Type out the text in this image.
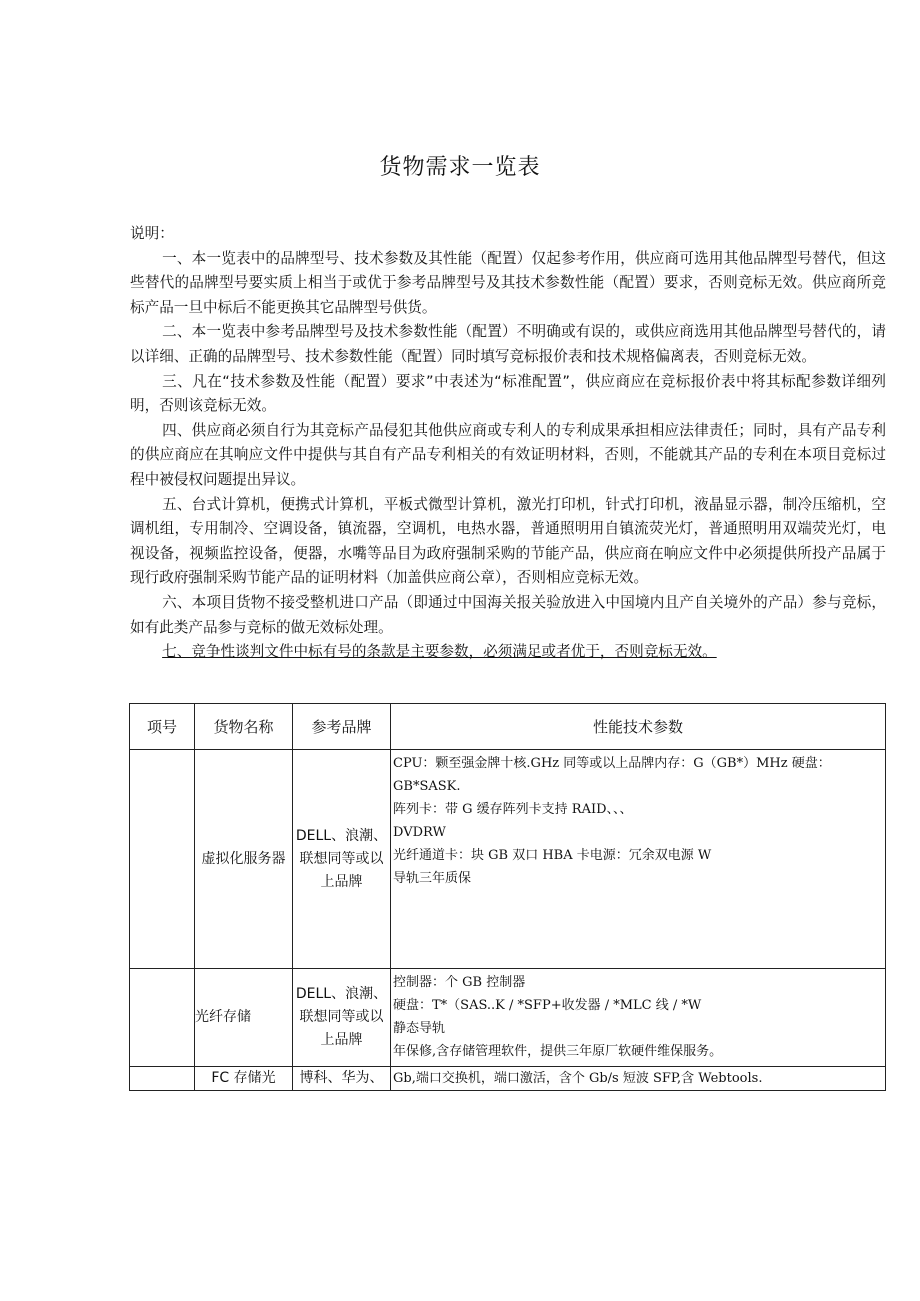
货物需求一览表

说明：

一、本一览表中的品牌型号、技术参数及其性能（配置）仅起参考作用，供应商可选用其他品牌型号替代，但这些替代的品牌型号要实质上相当于或优于参考品牌型号及其技术参数性能（配置）要求，否则竞标无效。供应商所竞标产品一旦中标后不能更换其它品牌型号供货。

二、本一览表中参考品牌型号及技术参数性能（配置）不明确或有误的，或供应商选用其他品牌型号替代的，请以详细、正确的品牌型号、技术参数性能（配置）同时填写竞标报价表和技术规格偏离表，否则竞标无效。

三、凡在“技术参数及性能（配置）要求”中表述为“标准配置”，供应商应在竞标报价表中将其标配参数详细列明，否则该竞标无效。

四、供应商必须自行为其竞标产品侵犯其他供应商或专利人的专利成果承担相应法律责任；同时，具有产品专利的供应商应在其响应文件中提供与其自有产品专利相关的有效证明材料，否则，不能就其产品的专利在本项目竞标过程中被侵权问题提出异议。

五、台式计算机，便携式计算机，平板式微型计算机，激光打印机，针式打印机，液晶显示器，制冷压缩机，空调机组，专用制冷、空调设备，镇流器，空调机，电热水器，普通照明用自镇流荧光灯，普通照明用双端荧光灯，电视设备，视频监控设备，便器，水嘴等品目为政府强制采购的节能产品，供应商在响应文件中必须提供所投产品属于现行政府强制采购节能产品的证明材料（加盖供应商公章），否则相应竞标无效。

六、本项目货物不接受整机进口产品（即通过中国海关报关验放进入中国境内且产自关境外的产品）参与竞标，如有此类产品参与竞标的做无效标处理。

七、竞争性谈判文件中标有号的条款是主要参数，必须满足或者优于，否则竞标无效。

项号	货物名称	参考品牌	性能技术参数
	虚拟化服务器	DELL、浪潮、联想同等或以上品牌	CPU：颗至强金牌十核.GHz 同等或以上品牌内存：G（GB*）MHz 硬盘：GB*SASK.
阵列卡：带 G 缓存阵列卡支持 RAID、、、
DVDRW
光纤通道卡：块 GB 双口 HBA 卡电源：冗余双电源 W
导轨三年质保

	光纤存储	DELL、浪潮、联想同等或以上品牌	控制器：个 GB 控制器
硬盘：T*（SAS..K / *SFP+收发器 / *MLC 线 / *W
静态导轨
年保修,含存储管理软件，提供三年原厂软硬件维保服务。

	FC 存储光	博科、华为、	Gb,端口交换机，端口激活，含个 Gb/s 短波 SFP,含 Webtools.
